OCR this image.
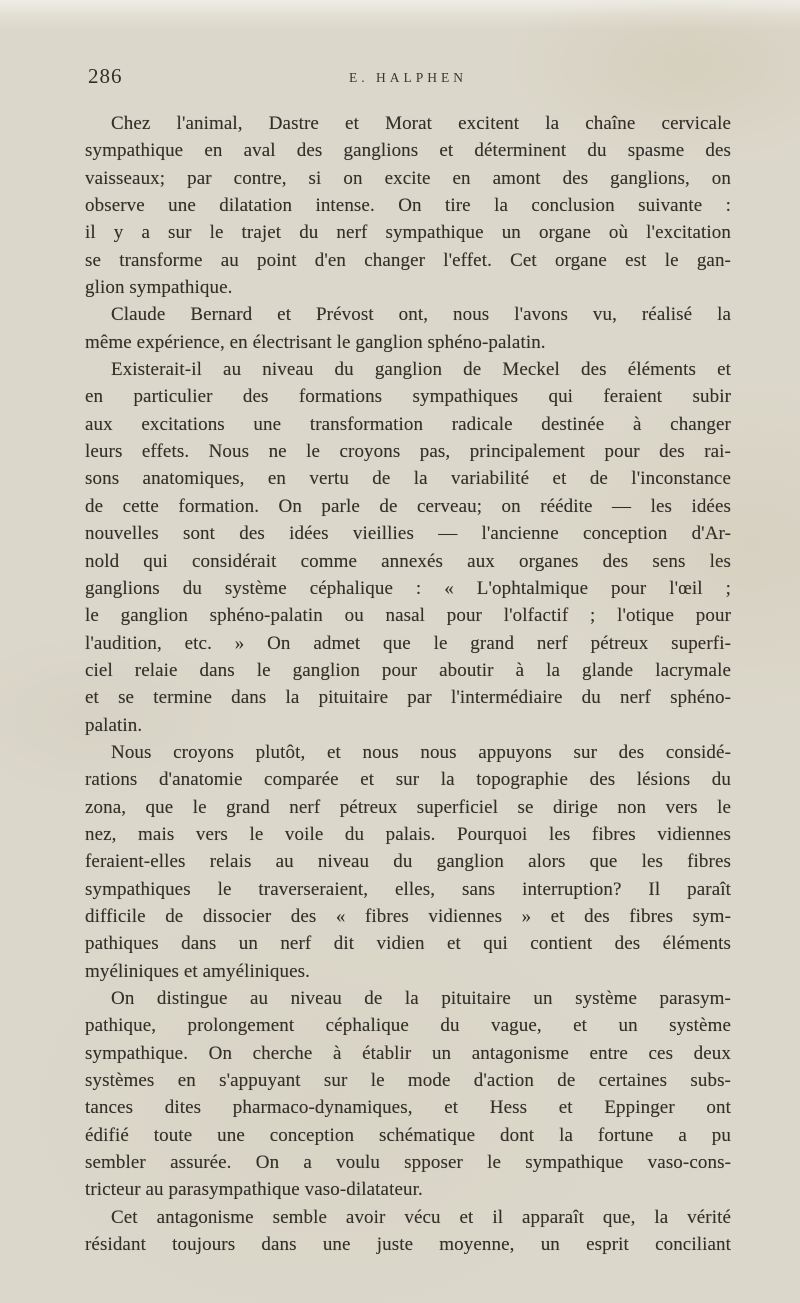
286	E. HALPHEN
Chez l'animal, Dastre et Morat excitent la chaîne cervicale
sympathique en aval des ganglions et déterminent du spasme des
vaisseaux; par contre, si on excite en amont des ganglions, on
observe une dilatation intense. On tire la conclusion suivante :
il y a sur le trajet du nerf sympathique un organe où l'excitation
se transforme au point d'en changer l'effet. Cet organe est le gan-
glion sympathique.
Claude Bernard et Prévost ont, nous l'avons vu, réalisé la
même expérience, en électrisant le ganglion sphéno-palatin.
Existerait-il au niveau du ganglion de Meckel des éléments et
en particulier des formations sympathiques qui feraient subir
aux excitations une transformation radicale destinée à changer
leurs effets. Nous ne le croyons pas, principalement pour des rai-
sons anatomiques, en vertu de la variabilité et de l'inconstance
de cette formation. On parle de cerveau; on réédite — les idées
nouvelles sont des idées vieillies — l'ancienne conception d'Ar-
nold qui considérait comme annexés aux organes des sens les
ganglions du système céphalique : « L'ophtalmique pour l'œil ;
le ganglion sphéno-palatin ou nasal pour l'olfactif ; l'otique pour
l'audition, etc. » On admet que le grand nerf pétreux superfi-
ciel relaie dans le ganglion pour aboutir à la glande lacrymale
et se termine dans la pituitaire par l'intermédiaire du nerf sphéno-
palatin.
Nous croyons plutôt, et nous nous appuyons sur des considé-
rations d'anatomie comparée et sur la topographie des lésions du
zona, que le grand nerf pétreux superficiel se dirige non vers le
nez, mais vers le voile du palais. Pourquoi les fibres vidiennes
feraient-elles relais au niveau du ganglion alors que les fibres
sympathiques le traverseraient, elles, sans interruption? Il paraît
difficile de dissocier des « fibres vidiennes » et des fibres sym-
pathiques dans un nerf dit vidien et qui contient des éléments
myéliniques et amyéliniques.
On distingue au niveau de la pituitaire un système parasym-
pathique, prolongement céphalique du vague, et un système
sympathique. On cherche à établir un antagonisme entre ces deux
systèmes en s'appuyant sur le mode d'action de certaines subs-
tances dites pharmaco-dynamiques, et Hess et Eppinger ont
édifié toute une conception schématique dont la fortune a pu
sembler assurée. On a voulu spposer le sympathique vaso-cons-
tricteur au parasympathique vaso-dilatateur.
Cet antagonisme semble avoir vécu et il apparaît que, la vérité
résidant toujours dans une juste moyenne, un esprit conciliant
